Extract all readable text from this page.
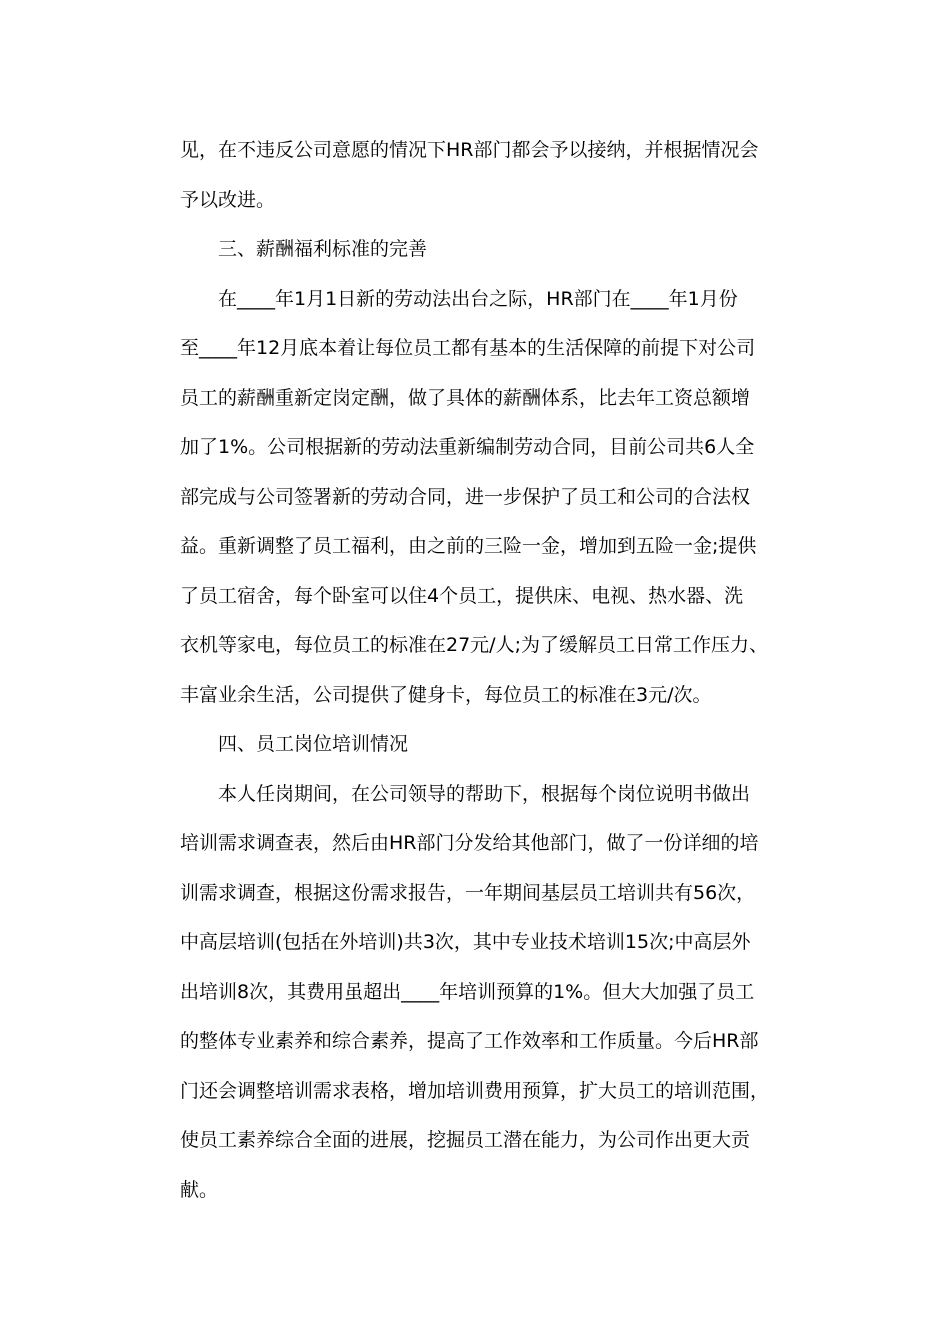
见，在不违反公司意愿的情况下HR部门都会予以接纳，并根据情况会
予以改进。
三、薪酬福利标准的完善
在____年1月1日新的劳动法出台之际，HR部门在____年1月份
至____年12月底本着让每位员工都有基本的生活保障的前提下对公司
员工的薪酬重新定岗定酬，做了具体的薪酬体系，比去年工资总额增
加了1%。公司根据新的劳动法重新编制劳动合同，目前公司共6人全
部完成与公司签署新的劳动合同，进一步保护了员工和公司的合法权
益。重新调整了员工福利，由之前的三险一金，增加到五险一金;提供
了员工宿舍，每个卧室可以住4个员工，提供床、电视、热水器、洗
衣机等家电，每位员工的标准在27元/人;为了缓解员工日常工作压力、
丰富业余生活，公司提供了健身卡，每位员工的标准在3元/次。
四、员工岗位培训情况
本人任岗期间，在公司领导的帮助下，根据每个岗位说明书做出
培训需求调查表，然后由HR部门分发给其他部门，做了一份详细的培
训需求调查，根据这份需求报告，一年期间基层员工培训共有56次，
中高层培训(包括在外培训)共3次，其中专业技术培训15次;中高层外
出培训8次，其费用虽超出____年培训预算的1%。但大大加强了员工
的整体专业素养和综合素养，提高了工作效率和工作质量。今后HR部
门还会调整培训需求表格，增加培训费用预算，扩大员工的培训范围，
使员工素养综合全面的进展，挖掘员工潜在能力，为公司作出更大贡
献。
